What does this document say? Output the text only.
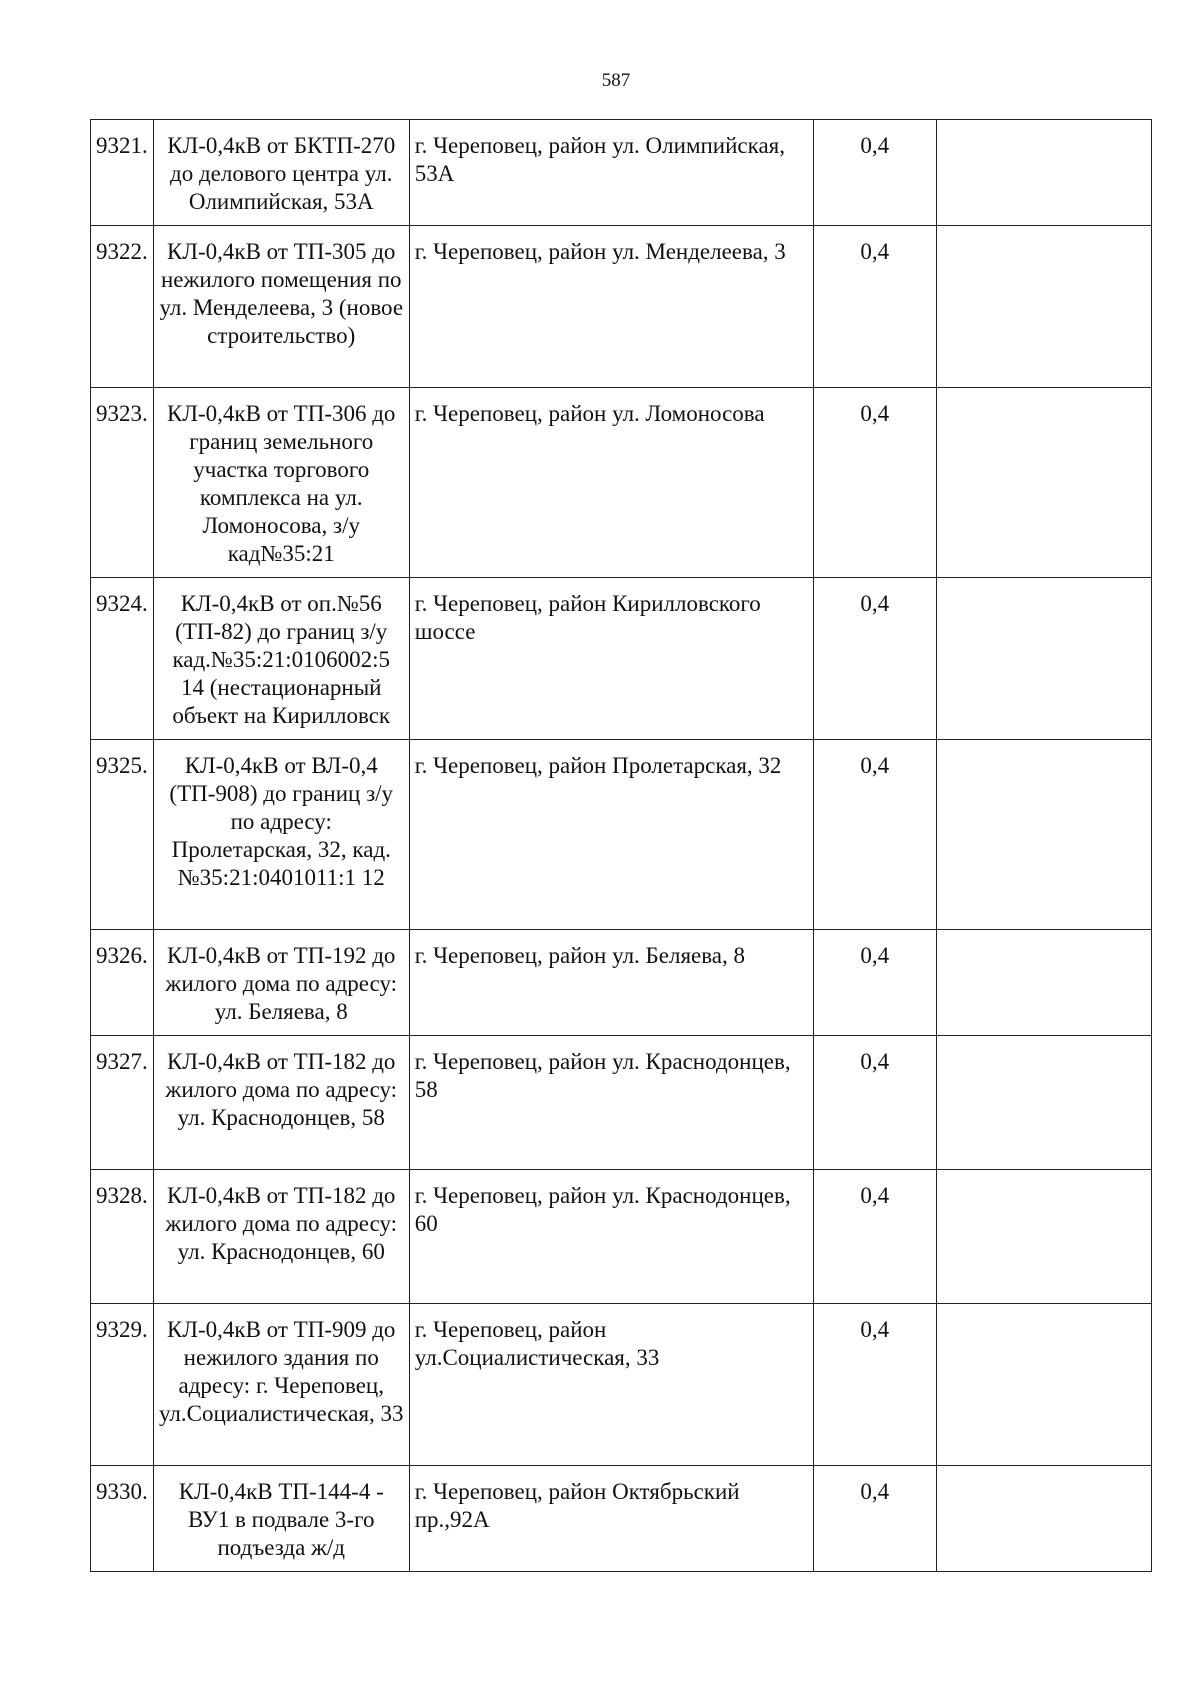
587
9321.	КЛ-0,4кВ от БКТП-270 до делового центра ул. Олимпийская, 53А	г. Череповец, район ул. Олимпийская, 53А	0,4	
9322.	КЛ-0,4кВ от ТП-305 до нежилого помещения по ул. Менделеева, 3 (новое строительство)	г. Череповец, район ул. Менделеева, 3	0,4	
9323.	КЛ-0,4кВ от ТП-306 до границ земельного участка торгового комплекса на ул. Ломоносова, з/у кад№35:21	г. Череповец, район ул. Ломоносова	0,4	
9324.	КЛ-0,4кВ от оп.№56 (ТП-82) до границ з/у кад.№35:21:0106002:5 14 (нестационарный объект на Кирилловск	г. Череповец, район Кирилловского шоссе	0,4	
9325.	КЛ-0,4кВ от ВЛ-0,4 (ТП-908) до границ з/у по адресу: Пролетарская, 32, кад.№35:21:0401011:1 12	г. Череповец, район Пролетарская, 32	0,4	
9326.	КЛ-0,4кВ от ТП-192 до жилого дома по адресу: ул. Беляева, 8	г. Череповец, район ул. Беляева, 8	0,4	
9327.	КЛ-0,4кВ от ТП-182 до жилого дома по адресу: ул. Краснодонцев, 58	г. Череповец, район ул. Краснодонцев, 58	0,4	
9328.	КЛ-0,4кВ от ТП-182 до жилого дома по адресу: ул. Краснодонцев, 60	г. Череповец, район ул. Краснодонцев, 60	0,4	
9329.	КЛ-0,4кВ от ТП-909 до нежилого здания по адресу: г. Череповец, ул.Социалистическая, 33	г. Череповец, район ул.Социалистическая, 33	0,4	
9330.	КЛ-0,4кВ ТП-144-4 - ВУ1 в подвале 3-го подъезда ж/д	г. Череповец, район Октябрьский пр.,92А	0,4	
